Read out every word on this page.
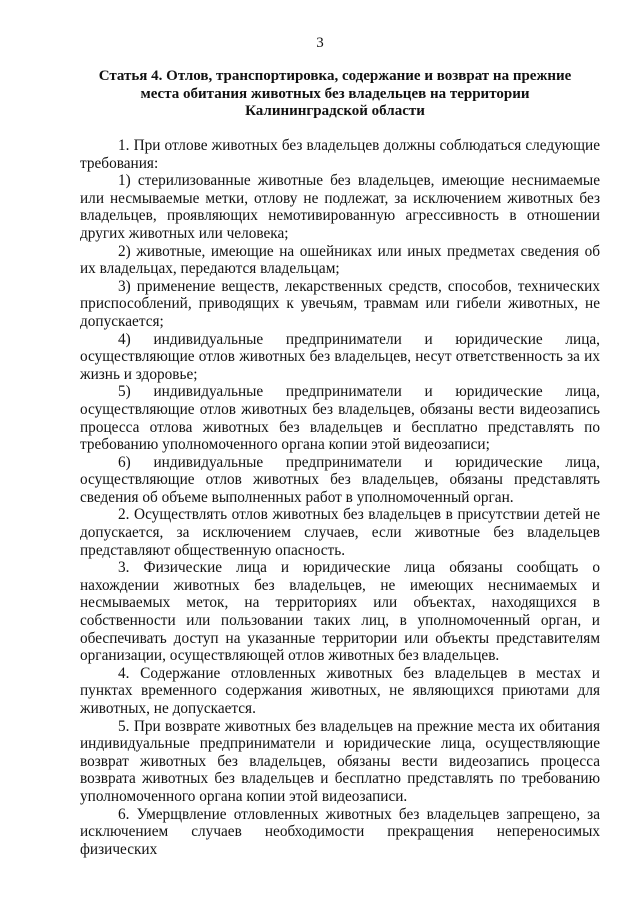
3
Статья 4. Отлов, транспортировка, содержание и возврат на прежние места обитания животных без владельцев на территории Калининградской области

1. При отлове животных без владельцев должны соблюдаться следующие требования:

1) стерилизованные животные без владельцев, имеющие неснимаемые или несмываемые метки, отлову не подлежат, за исключением животных без владельцев, проявляющих немотивированную агрессивность в отношении других животных или человека;

2) животные, имеющие на ошейниках или иных предметах сведения об их владельцах, передаются владельцам;

3) применение веществ, лекарственных средств, способов, технических приспособлений, приводящих к увечьям, травмам или гибели животных, не допускается;

4) индивидуальные предприниматели и юридические лица, осуществляющие отлов животных без владельцев, несут ответственность за их жизнь и здоровье;

5) индивидуальные предприниматели и юридические лица, осуществляющие отлов животных без владельцев, обязаны вести видеозапись процесса отлова животных без владельцев и бесплатно представлять по требованию уполномоченного органа копии этой видеозаписи;

6) индивидуальные предприниматели и юридические лица, осуществляющие отлов животных без владельцев, обязаны представлять сведения об объеме выполненных работ в уполномоченный орган.

2. Осуществлять отлов животных без владельцев в присутствии детей не допускается, за исключением случаев, если животные без владельцев представляют общественную опасность.

3. Физические лица и юридические лица обязаны сообщать о нахождении животных без владельцев, не имеющих неснимаемых и несмываемых меток, на территориях или объектах, находящихся в собственности или пользовании таких лиц, в уполномоченный орган, и обеспечивать доступ на указанные территории или объекты представителям организации, осуществляющей отлов животных без владельцев.

4. Содержание отловленных животных без владельцев в местах и пунктах временного содержания животных, не являющихся приютами для животных, не допускается.

5. При возврате животных без владельцев на прежние места их обитания индивидуальные предприниматели и юридические лица, осуществляющие возврат животных без владельцев, обязаны вести видеозапись процесса возврата животных без владельцев и бесплатно представлять по требованию уполномоченного органа копии этой видеозаписи.

6. Умерщвление отловленных животных без владельцев запрещено, за исключением случаев необходимости прекращения непереносимых физических
